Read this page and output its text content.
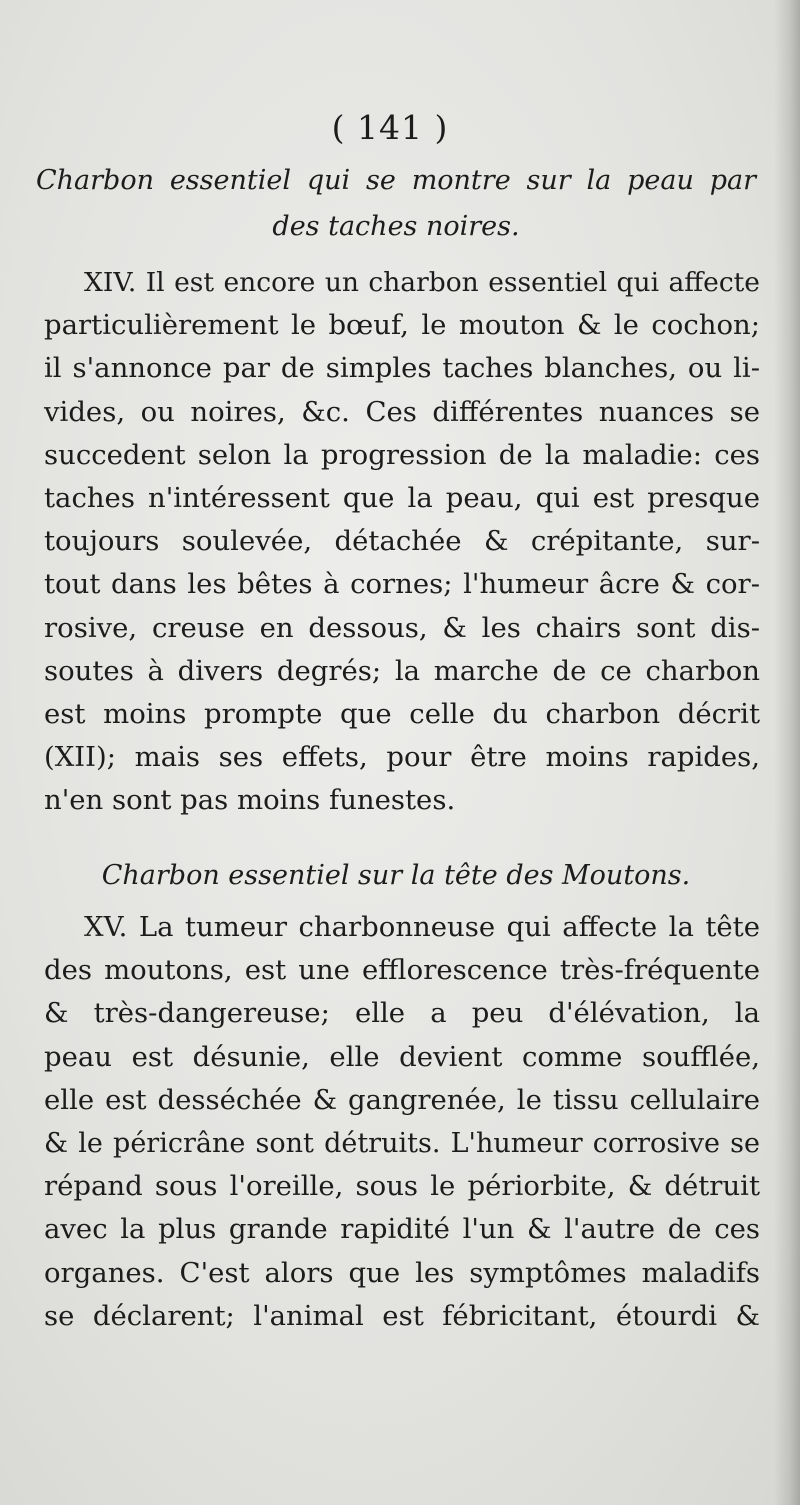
( 141 )
Charbon essentiel qui se montre sur la peau par
des taches noires.
XIV. Il est encore un charbon essentiel qui affecte
particulièrement le bœuf, le mouton & le cochon;
il s'annonce par de simples taches blanches, ou li-
vides, ou noires, &c. Ces différentes nuances se
succedent selon la progression de la maladie: ces
taches n'intéressent que la peau, qui est presque
toujours soulevée, détachée & crépitante, sur-
tout dans les bêtes à cornes; l'humeur âcre & cor-
rosive, creuse en dessous, & les chairs sont dis-
soutes à divers degrés; la marche de ce charbon
est moins prompte que celle du charbon décrit
(XII); mais ses effets, pour être moins rapides,
n'en sont pas moins funestes.
Charbon essentiel sur la tête des Moutons.
XV. La tumeur charbonneuse qui affecte la tête
des moutons, est une efflorescence très-fréquente
& très-dangereuse; elle a peu d'élévation, la
peau est désunie, elle devient comme soufflée,
elle est desséchée & gangrenée, le tissu cellulaire
& le péricrâne sont détruits. L'humeur corrosive se
répand sous l'oreille, sous le périorbite, & détruit
avec la plus grande rapidité l'un & l'autre de ces
organes. C'est alors que les symptômes maladifs
se déclarent; l'animal est fébricitant, étourdi &
